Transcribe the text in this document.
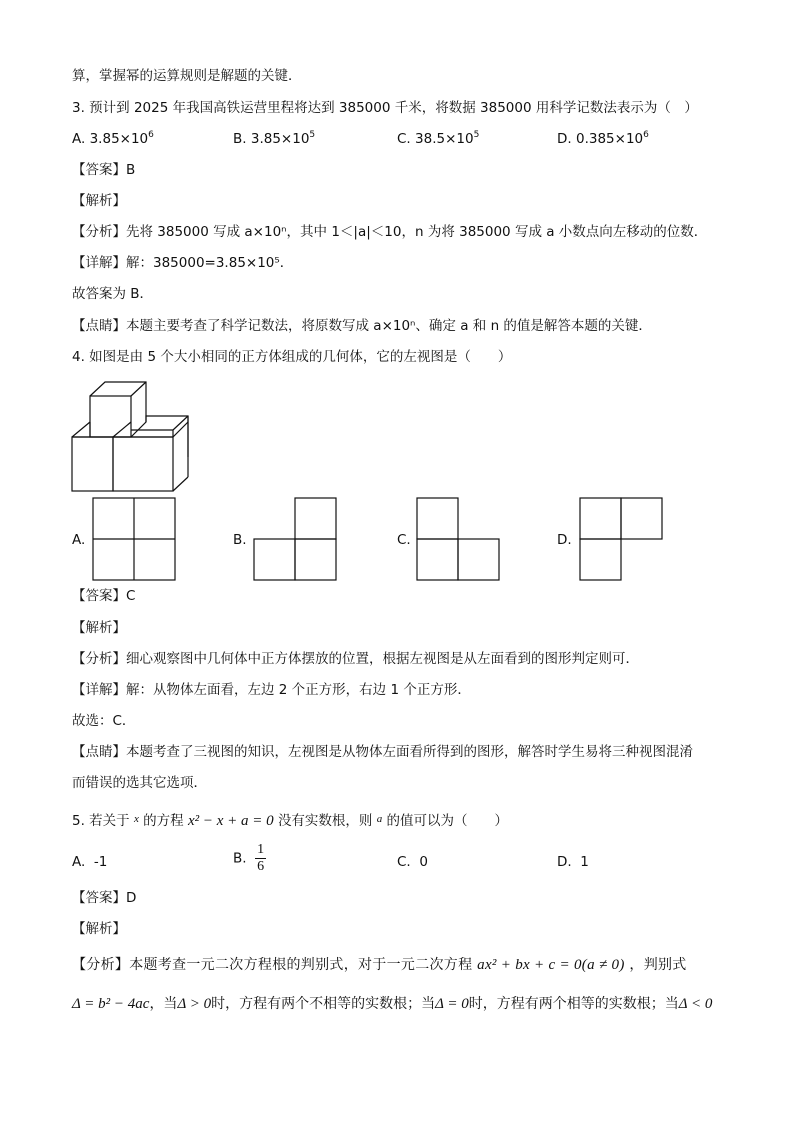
算，掌握幂的运算规则是解题的关键．
3. 预计到 2025 年我国高铁运营里程将达到 385000 千米，将数据 385000 用科学记数法表示为（　）
A. $3.85\times 10^6$	B. $3.85\times 10^5$	C. $38.5\times 10^5$	D. $0.385\times 10^6$
【答案】B
【解析】
【分析】先将 385000 写成 a×10ⁿ，其中 1＜|a|＜10，n 为将 385000 写成 a 小数点向左移动的位数．
【详解】解：385000=3.85×10⁵．
故答案为 B．
【点睛】本题主要考查了科学记数法，将原数写成 a×10ⁿ、确定 a 和 n 的值是解答本题的关键．
4. 如图是由 5 个大小相同的正方体组成的几何体，它的左视图是（　　）
A.	B.	C.	D.
【答案】C
【解析】
【分析】细心观察图中几何体中正方体摆放的位置，根据左视图是从左面看到的图形判定则可．
【详解】解：从物体左面看，左边 2 个正方形，右边 1 个正方形．
故选：C．
【点睛】本题考查了三视图的知识，左视图是从物体左面看所得到的图形，解答时学生易将三种视图混淆
而错误的选其它选项．
5. 若关于 $^x$ 的方程 x² − x + a = 0 没有实数根，则 $^a$ 的值可以为（　　）
A. -1	B. $\frac{1}{6}$	C. 0	D. 1
【答案】D
【解析】
【分析】本题考查一元二次方程根的判别式，对于一元二次方程 ax² + bx + c = 0(a ≠ 0) ，判别式
Δ = b² − 4ac，当Δ > 0时，方程有两个不相等的实数根；当Δ = 0时，方程有两个相等的实数根；当Δ < 0
